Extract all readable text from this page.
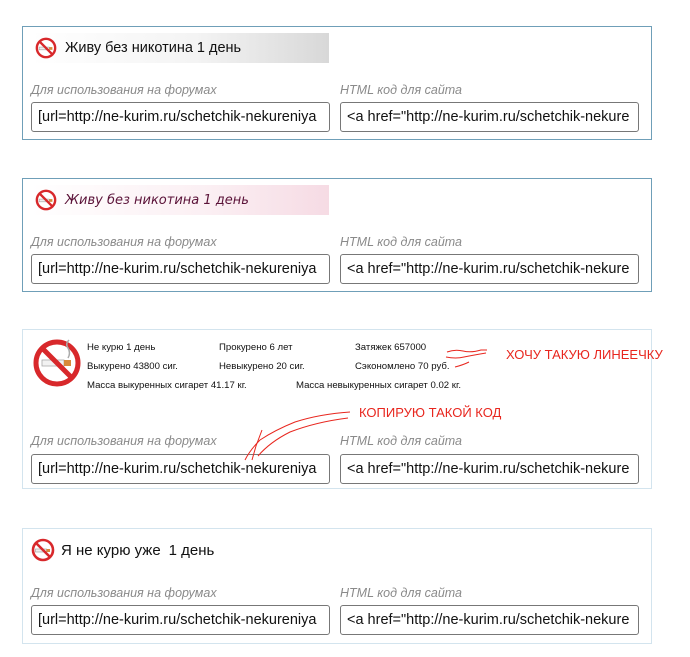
Живу без никотина 1 день
Для использования на форумах	HTML код для сайта
[url=http://ne-kurim.ru/schetchik-nekureniya	<a href="http://ne-kurim.ru/schetchik-nekure
Живу без никотина 1 день
Для использования на форумах	HTML код для сайта
[url=http://ne-kurim.ru/schetchik-nekureniya	<a href="http://ne-kurim.ru/schetchik-nekure
Не курю 1 день	Прокурено 6 лет	Затяжек 657000
Выкурено 43800 сиг.	Невыкурено 20 сиг.	Сэкономлено 70 руб.
Масса выкуренных сигарет 41.17 кг.	Масса невыкуренных сигарет 0.02 кг.
Для использования на форумах	HTML код для сайта
[url=http://ne-kurim.ru/schetchik-nekureniya	<a href="http://ne-kurim.ru/schetchik-nekure
Я не курю уже 1 день
Для использования на форумах	HTML код для сайта
[url=http://ne-kurim.ru/schetchik-nekureniya	<a href="http://ne-kurim.ru/schetchik-nekure
ХОЧУ ТАКУЮ ЛИНЕЕЧКУ
КОПИРУЮ ТАКОЙ КОД
